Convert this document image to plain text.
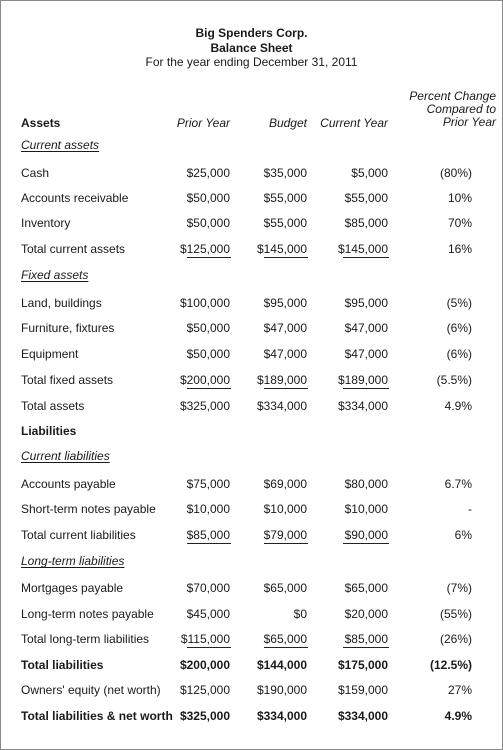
Big Spenders Corp.
Balance Sheet
For the year ending December 31, 2011
Assets	Prior Year	Budget	Current Year
Percent Change
Compared to
Prior Year
Current assets
Cash	$25,000	$35,000	$5,000	(80%)
Accounts receivable	$50,000	$55,000	$55,000	10%
Inventory	$50,000	$55,000	$85,000	70%
Total current assets	$125,000	$145,000	$145,000	16%
Fixed assets
Land, buildings	$100,000	$95,000	$95,000	(5%)
Furniture, fixtures	$50,000	$47,000	$47,000	(6%)
Equipment	$50,000	$47,000	$47,000	(6%)
Total fixed assets	$200,000	$189,000	$189,000	(5.5%)
Total assets	$325,000	$334,000	$334,000	4.9%
Liabilities
Current liabilities
Accounts payable	$75,000	$69,000	$80,000	6.7%
Short-term notes payable	$10,000	$10,000	$10,000	-
Total current liabilities	$85,000	$79,000	$90,000	6%
Long-term liabilities
Mortgages payable	$70,000	$65,000	$65,000	(7%)
Long-term notes payable	$45,000	$0	$20,000	(55%)
Total long-term liabilities	$115,000	$65,000	$85,000	(26%)
Total liabilities	$200,000	$144,000	$175,000	(12.5%)
Owners' equity (net worth)	$125,000	$190,000	$159,000	27%
Total liabilities & net worth $325,000	$334,000	$334,000	4.9%
